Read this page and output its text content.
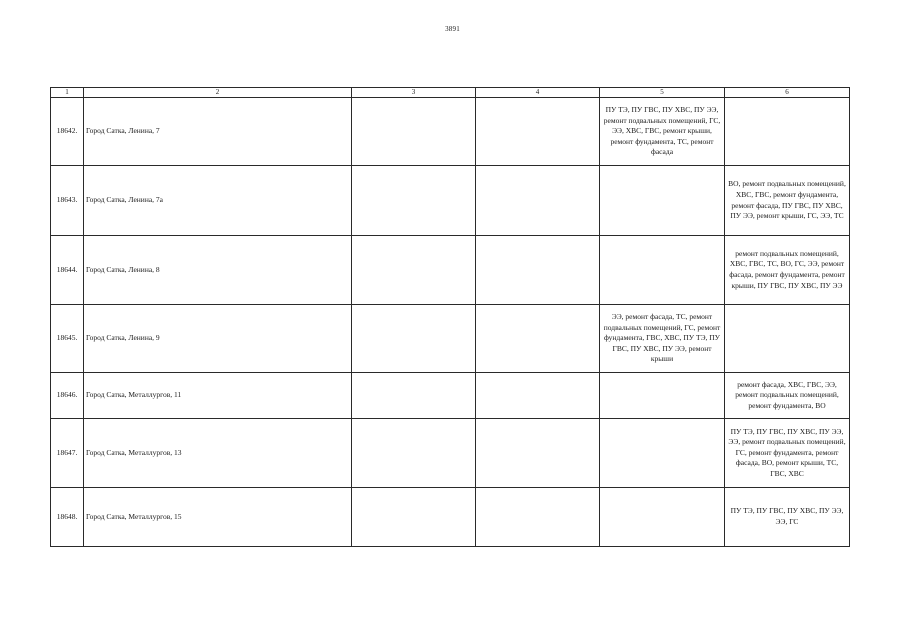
3891
1	2	3	4	5	6
18642.	Город Сатка, Ленина, 7			ПУ ТЭ, ПУ ГВС, ПУ ХВС, ПУ ЭЭ, ремонт подвальных помещений, ГС, ЭЭ, ХВС, ГВС, ремонт крыши, ремонт фундамента, ТС, ремонт фасада	
18643.	Город Сатка, Ленина, 7а				ВО, ремонт подвальных помещений, ХВС, ГВС, ремонт фундамента, ремонт фасада, ПУ ГВС, ПУ ХВС, ПУ ЭЭ, ремонт крыши, ГС, ЭЭ, ТС
18644.	Город Сатка, Ленина, 8				ремонт подвальных помещений, ХВС, ГВС, ТС, ВО, ГС, ЭЭ, ремонт фасада, ремонт фундамента, ремонт крыши, ПУ ГВС, ПУ ХВС, ПУ ЭЭ
18645.	Город Сатка, Ленина, 9			ЭЭ, ремонт фасада, ТС, ремонт подвальных помещений, ГС, ремонт фундамента, ГВС, ХВС, ПУ ТЭ, ПУ ГВС, ПУ ХВС, ПУ ЭЭ, ремонт крыши	
18646.	Город Сатка, Металлургов, 11				ремонт фасада, ХВС, ГВС, ЭЭ, ремонт подвальных помещений, ремонт фундамента, ВО
18647.	Город Сатка, Металлургов, 13				ПУ ТЭ, ПУ ГВС, ПУ ХВС, ПУ ЭЭ, ЭЭ, ремонт подвальных помещений, ГС, ремонт фундамента, ремонт фасада, ВО, ремонт крыши, ТС, ГВС, ХВС
18648.	Город Сатка, Металлургов, 15				ПУ ТЭ, ПУ ГВС, ПУ ХВС, ПУ ЭЭ, ЭЭ, ГС
